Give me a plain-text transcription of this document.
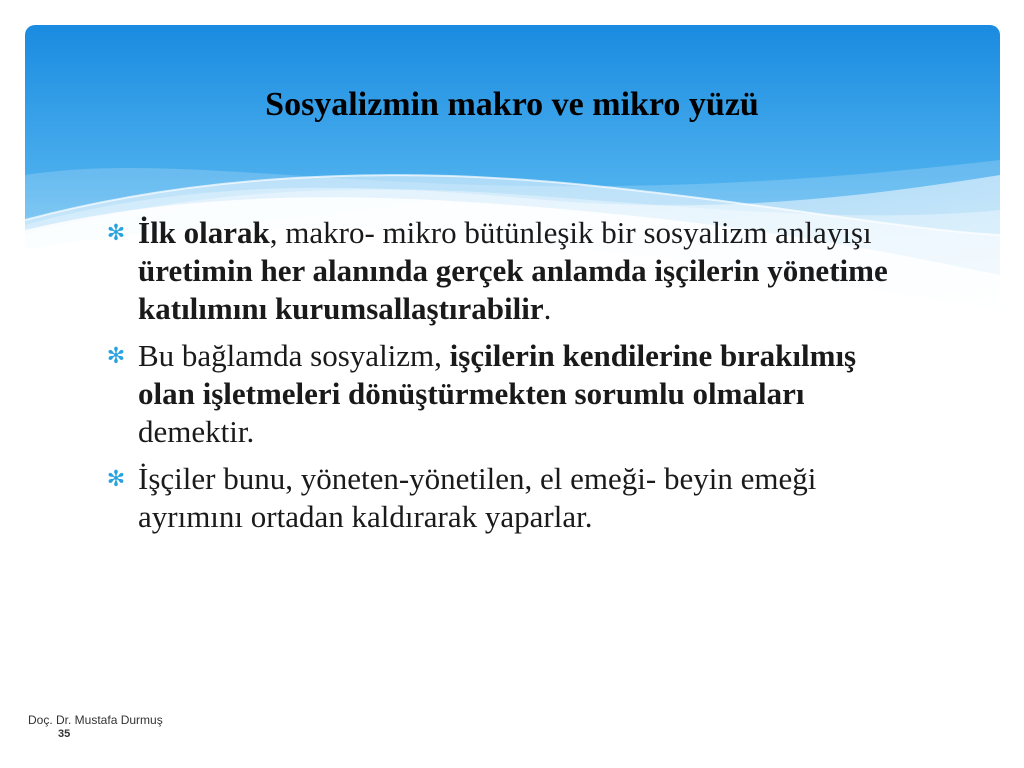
Sosyalizmin makro ve mikro yüzü
✻ İlk olarak, makro- mikro bütünleşik bir sosyalizm anlayışı üretimin her alanında gerçek anlamda işçilerin yönetime katılımını kurumsallaştırabilir.
✻ Bu bağlamda sosyalizm, işçilerin kendilerine bırakılmış olan işletmeleri dönüştürmekten sorumlu olmaları demektir.
✻ İşçiler bunu, yöneten-yönetilen, el emeği- beyin emeği ayrımını ortadan kaldırarak yaparlar.
Doç. Dr. Mustafa Durmuş
35
